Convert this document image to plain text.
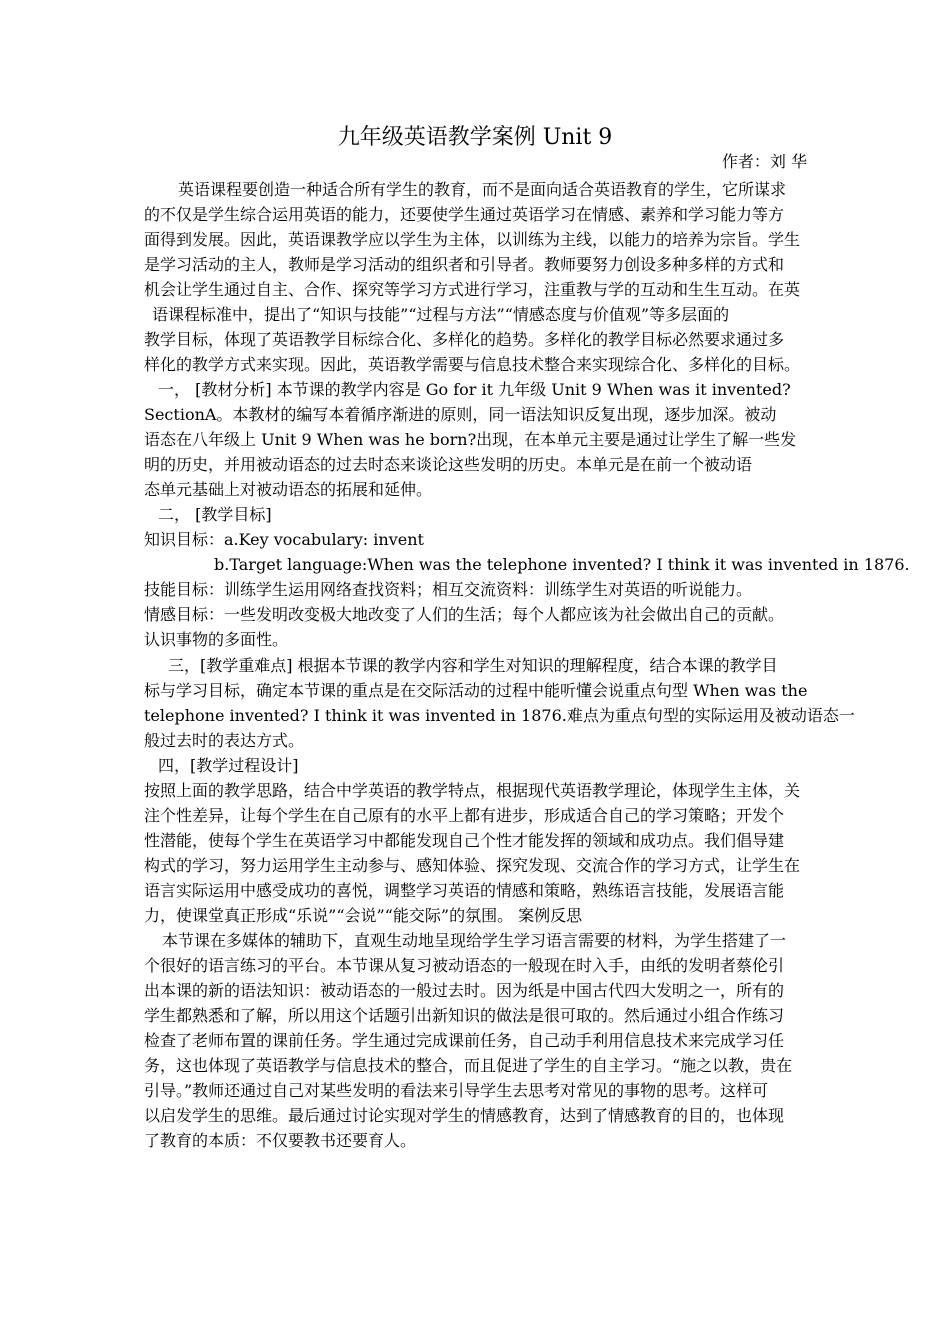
九年级英语教学案例 Unit 9
作者：刘 华
英语课程要创造一种适合所有学生的教育，而不是面向适合英语教育的学生，它所谋求
的不仅是学生综合运用英语的能力，还要使学生通过英语学习在情感、素养和学习能力等方
面得到发展。因此，英语课教学应以学生为主体，以训练为主线，以能力的培养为宗旨。学生
是学习活动的主人，教师是学习活动的组织者和引导者。教师要努力创设多种多样的方式和
机会让学生通过自主、合作、探究等学习方式进行学习，注重教与学的互动和生生互动。在英
语课程标准中，提出了“知识与技能”“过程与方法”“情感态度与价值观”等多层面的
教学目标，体现了英语教学目标综合化、多样化的趋势。多样化的教学目标必然要求通过多
样化的教学方式来实现。因此，英语教学需要与信息技术整合来实现综合化、多样化的目标。
一， [教材分析] 本节课的教学内容是 Go for it 九年级 Unit 9 When was it invented?
SectionA。本教材的编写本着循序渐进的原则，同一语法知识反复出现，逐步加深。被动
语态在八年级上 Unit 9 When was he born?出现，在本单元主要是通过让学生了解一些发
明的历史，并用被动语态的过去时态来谈论这些发明的历史。本单元是在前一个被动语
态单元基础上对被动语态的拓展和延伸。
二， [教学目标]
知识目标：a.Key vocabulary: invent
b.Target language:When was the telephone invented? I think it was invented in 1876.
技能目标：训练学生运用网络查找资料；相互交流资料：训练学生对英语的听说能力。
情感目标：一些发明改变极大地改变了人们的生活；每个人都应该为社会做出自己的贡献。
认识事物的多面性。
三，[教学重难点] 根据本节课的教学内容和学生对知识的理解程度，结合本课的教学目
标与学习目标，确定本节课的重点是在交际活动的过程中能听懂会说重点句型 When was the
telephone invented? I think it was invented in 1876.难点为重点句型的实际运用及被动语态一
般过去时的表达方式。
四，[教学过程设计]
按照上面的教学思路，结合中学英语的教学特点，根据现代英语教学理论，体现学生主体，关
注个性差异，让每个学生在自己原有的水平上都有进步，形成适合自己的学习策略；开发个
性潜能，使每个学生在英语学习中都能发现自己个性才能发挥的领域和成功点。我们倡导建
构式的学习，努力运用学生主动参与、感知体验、探究发现、交流合作的学习方式，让学生在
语言实际运用中感受成功的喜悦，调整学习英语的情感和策略，熟练语言技能，发展语言能
力，使课堂真正形成“乐说”“会说”“能交际”的氛围。 案例反思
本节课在多媒体的辅助下，直观生动地呈现给学生学习语言需要的材料，为学生搭建了一
个很好的语言练习的平台。本节课从复习被动语态的一般现在时入手，由纸的发明者蔡伦引
出本课的新的语法知识：被动语态的一般过去时。因为纸是中国古代四大发明之一，所有的
学生都熟悉和了解，所以用这个话题引出新知识的做法是很可取的。然后通过小组合作练习
检查了老师布置的课前任务。学生通过完成课前任务，自己动手利用信息技术来完成学习任
务，这也体现了英语教学与信息技术的整合，而且促进了学生的自主学习。“施之以教，贵在
引导。”教师还通过自己对某些发明的看法来引导学生去思考对常见的事物的思考。这样可
以启发学生的思维。最后通过讨论实现对学生的情感教育，达到了情感教育的目的，也体现
了教育的本质：不仅要教书还要育人。
